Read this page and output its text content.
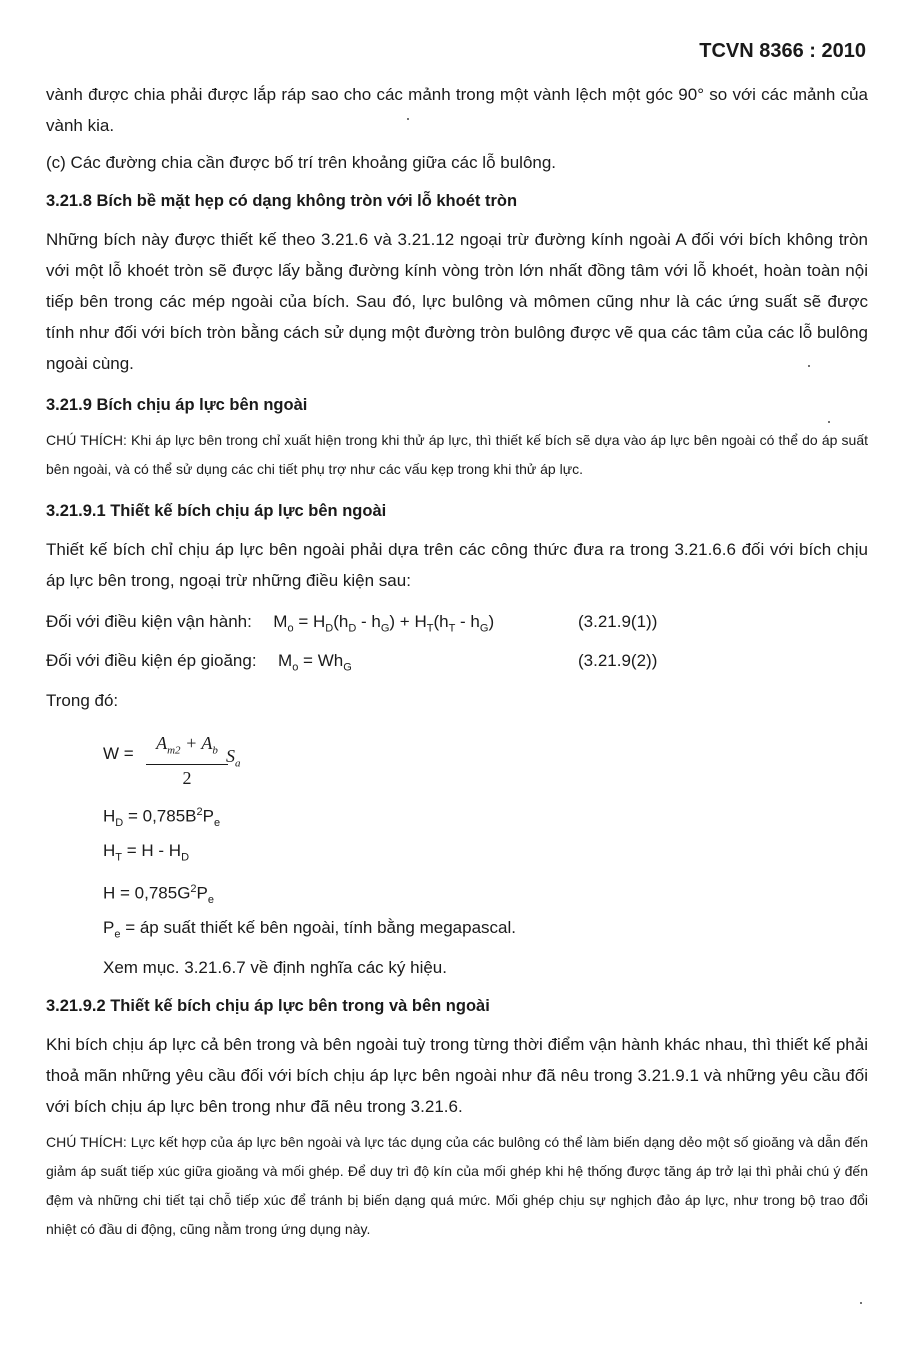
TCVN 8366 : 2010

vành được chia phải được lắp ráp sao cho các mảnh trong một vành lệch một góc 90° so với các mảnh của vành kia.

(c) Các đường chia cần được bố trí trên khoảng giữa các lỗ bulông.

3.21.8 Bích bề mặt hẹp có dạng không tròn với lỗ khoét tròn

Những bích này được thiết kế theo 3.21.6 và 3.21.12 ngoại trừ đường kính ngoài A đối với bích không tròn với một lỗ khoét tròn sẽ được lấy bằng đường kính vòng tròn lớn nhất đồng tâm với lỗ khoét, hoàn toàn nội tiếp bên trong các mép ngoài của bích. Sau đó, lực bulông và mômen cũng như là các ứng suất sẽ được tính như đối với bích tròn bằng cách sử dụng một đường tròn bulông được vẽ qua các tâm của các lỗ bulông ngoài cùng.

3.21.9 Bích chịu áp lực bên ngoài

CHÚ THÍCH: Khi áp lực bên trong chỉ xuất hiện trong khi thử áp lực, thì thiết kế bích sẽ dựa vào áp lực bên ngoài có thể do áp suất bên ngoài, và có thể sử dụng các chi tiết phụ trợ như các vấu kẹp trong khi thử áp lực.

3.21.9.1 Thiết kế bích chịu áp lực bên ngoài

Thiết kế bích chỉ chịu áp lực bên ngoài phải dựa trên các công thức đưa ra trong 3.21.6.6 đối với bích chịu áp lực bên trong, ngoại trừ những điều kiện sau:

Đối với điều kiện vận hành: $M_o = H_D(h_D - h_G) + H_T(h_T - h_G)$	(3.21.9(1))
Đối với điều kiện ép gioăng: $M_o = Wh_G$	(3.21.9(2))
Trong đó:
W =
$A_{m2} + A_b$
2
$S_a$
$H_D = 0,785B^2P_e$
$H_T = H - H_D$
$H = 0,785G^2P_e$
$P_e$ = áp suất thiết kế bên ngoài, tính bằng megapascal.
Xem mục. 3.21.6.7 về định nghĩa các ký hiệu.
3.21.9.2 Thiết kế bích chịu áp lực bên trong và bên ngoài

Khi bích chịu áp lực cả bên trong và bên ngoài tuỳ trong từng thời điểm vận hành khác nhau, thì thiết kế phải thoả mãn những yêu cầu đối với bích chịu áp lực bên ngoài như đã nêu trong 3.21.9.1 và những yêu cầu đối với bích chịu áp lực bên trong như đã nêu trong 3.21.6.

CHÚ THÍCH: Lực kết hợp của áp lực bên ngoài và lực tác dụng của các bulông có thể làm biến dạng dẻo một số gioăng và dẫn đến giảm áp suất tiếp xúc giữa gioăng và mối ghép. Để duy trì độ kín của mối ghép khi hệ thống được tăng áp trở lại thì phải chú ý đến đệm và những chi tiết tại chỗ tiếp xúc để tránh bị biến dạng quá mức. Mối ghép chịu sự nghịch đảo áp lực, như trong bộ trao đổi nhiệt có đầu di động, cũng nằm trong ứng dụng này.
